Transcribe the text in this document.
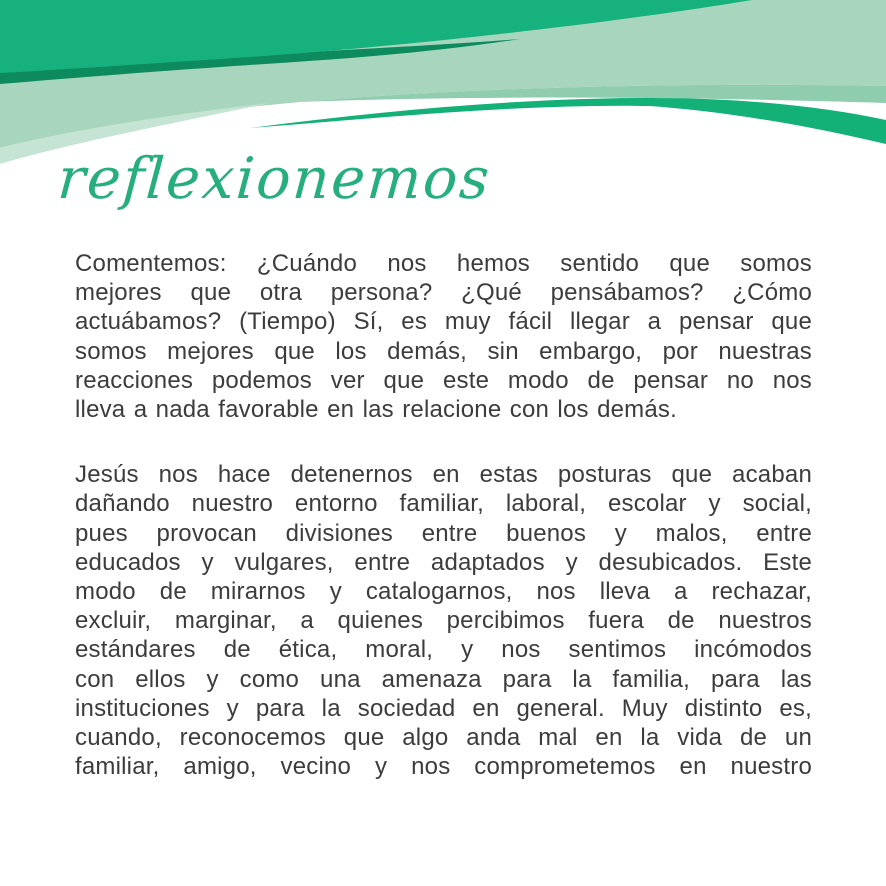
reflexionemos
Comentemos: ¿Cuándo nos hemos sentido que somos
mejores que otra persona? ¿Qué pensábamos? ¿Cómo
actuábamos? (Tiempo) Sí, es muy fácil llegar a pensar que
somos mejores que los demás, sin embargo, por nuestras
reacciones podemos ver que este modo de pensar no nos
lleva a nada favorable en las relacione con los demás.
Jesús nos hace detenernos en estas posturas que acaban
dañando nuestro entorno familiar, laboral, escolar y social,
pues provocan divisiones entre buenos y malos, entre
educados y vulgares, entre adaptados y desubicados. Este
modo de mirarnos y catalogarnos, nos lleva a rechazar,
excluir, marginar, a quienes percibimos fuera de nuestros
estándares de ética, moral, y nos sentimos incómodos
con ellos y como una amenaza para la familia, para las
instituciones y para la sociedad en general. Muy distinto es,
cuando, reconocemos que algo anda mal en la vida de un
familiar, amigo, vecino y nos comprometemos en nuestro
